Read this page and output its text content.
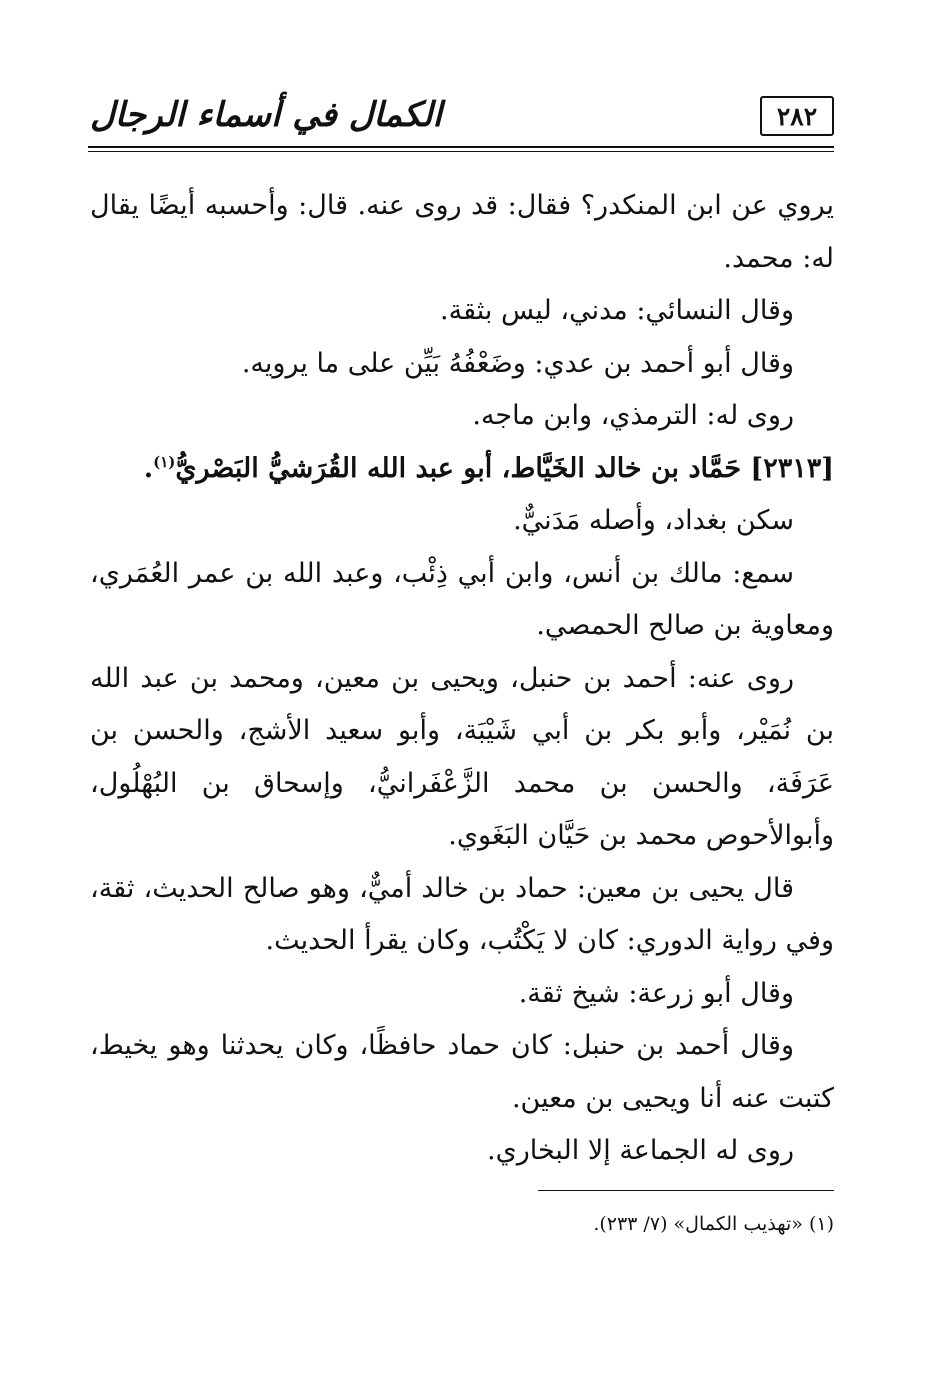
٢٨٢
الكمال في أسماء الرجال

يروي عن ابن المنكدر؟ فقال: قد روى عنه. قال: وأحسبه أيضًا يقال له: محمد.

وقال النسائي: مدني، ليس بثقة.

وقال أبو أحمد بن عدي: وضَعْفُهُ بَيِّن على ما يرويه.

روى له: الترمذي، وابن ماجه.

[٢٣١٣] حَمَّاد بن خالد الخَيَّاط، أبو عبد الله القُرَشيُّ البَصْريُّ$^{(١)}$.

سكن بغداد، وأصله مَدَنيٌّ.

سمع: مالك بن أنس، وابن أبي ذِئْب، وعبد الله بن عمر العُمَري، ومعاوية بن صالح الحمصي.

روى عنه: أحمد بن حنبل، ويحيى بن معين، ومحمد بن عبد الله بن نُمَيْر، وأبو بكر بن أبي شَيْبَة، وأبو سعيد الأشج، والحسن بن عَرَفَة، والحسن بن محمد الزَّعْفَرانيُّ، وإسحاق بن البُهْلُول، وأبوالأحوص محمد بن حَيَّان البَغَوي.

قال يحيى بن معين: حماد بن خالد أميٌّ، وهو صالح الحديث، ثقة، وفي رواية الدوري: كان لا يَكْتُب، وكان يقرأ الحديث.

وقال أبو زرعة: شيخ ثقة.

وقال أحمد بن حنبل: كان حماد حافظًا، وكان يحدثنا وهو يخيط، كتبت عنه أنا ويحيى بن معين.

روى له الجماعة إلا البخاري.

(١) «تهذيب الكمال» (٧/ ٢٣٣).
